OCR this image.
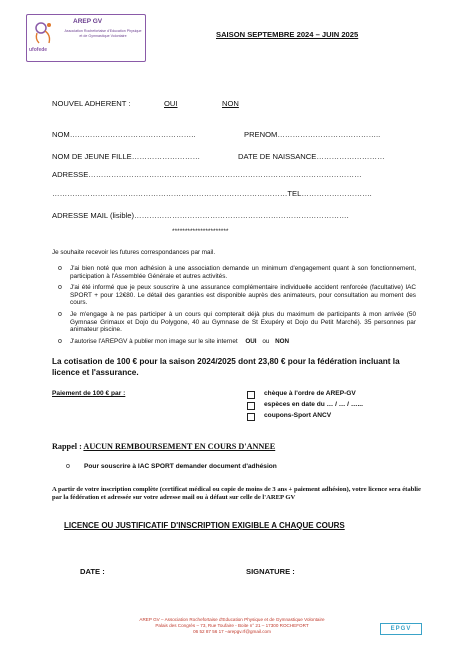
ufofede
AREP GV
Association Rochefortaise d'Education Physique et de Gymnastique Volontaire	SAISON SEPTEMBRE 2024 – JUIN 2025
NOUVEL ADHERENT :	OUI	NON
NOM…………………………………………..	PRENOM…………………………………..
NOM DE JEUNE FILLE………………………	DATE DE NAISSANCE………………………
ADRESSE………………………………………………………………………………………………
…………………………………………………………………………………TEL……………………….
ADRESSE MAIL (lisible)………………………………………………………………………….
**********************
Je souhaite recevoir les futures correspondances par mail.
o J'ai bien noté que mon adhésion à une association demande un minimum d'engagement quant à son fonctionnement, participation à l'Assemblée Générale et autres activités.
o J'ai été informé que je peux souscrire à une assurance complémentaire individuelle accident renforcée (facultative) IAC SPORT + pour 12€80. Le détail des garanties est disponible auprès des animateurs, pour consultation au moment des cours.
o Je m'engage à ne pas participer à un cours qui compterait déjà plus du maximum de participants à mon arrivée (50 Gymnase Grimaux et Dojo du Polygone, 40 au Gymnase de St Exupéry et Dojo du Petit Marché). 35 personnes par animateur piscine.
o J'autorise l'AREPGV à publier mon image sur le site internet OUI ou NON
La cotisation de 100 € pour la saison 2024/2025 dont 23,80 € pour la fédération incluant la licence et l'assurance.
Paiement de 100 € par :	chèque à l'ordre de AREP-GV
espèces en date du … / … / …...
coupons-Sport ANCV
Rappel : AUCUN REMBOURSEMENT EN COURS D'ANNEE
o Pour souscrire à IAC SPORT demander document d'adhésion
A partir de votre inscription complète (certificat médical ou copie de moins de 3 ans + paiement adhésion), votre licence sera établie par la fédération et adressée sur votre adresse mail ou à défaut sur celle de l'AREP GV
LICENCE OU JUSTIFICATIF D'INSCRIPTION EXIGIBLE A CHAQUE COURS
DATE :	SIGNATURE :
AREP GV – Association Rochefortaise d'Education Physique et de Gymnastique Volontaire
Palais des Congrès – 73, Rue Toufaire - Boite n° 21 – 17300 ROCHEFORT
06 52 87 56 17 –arepgv.rf@gmail.com	EPGV
